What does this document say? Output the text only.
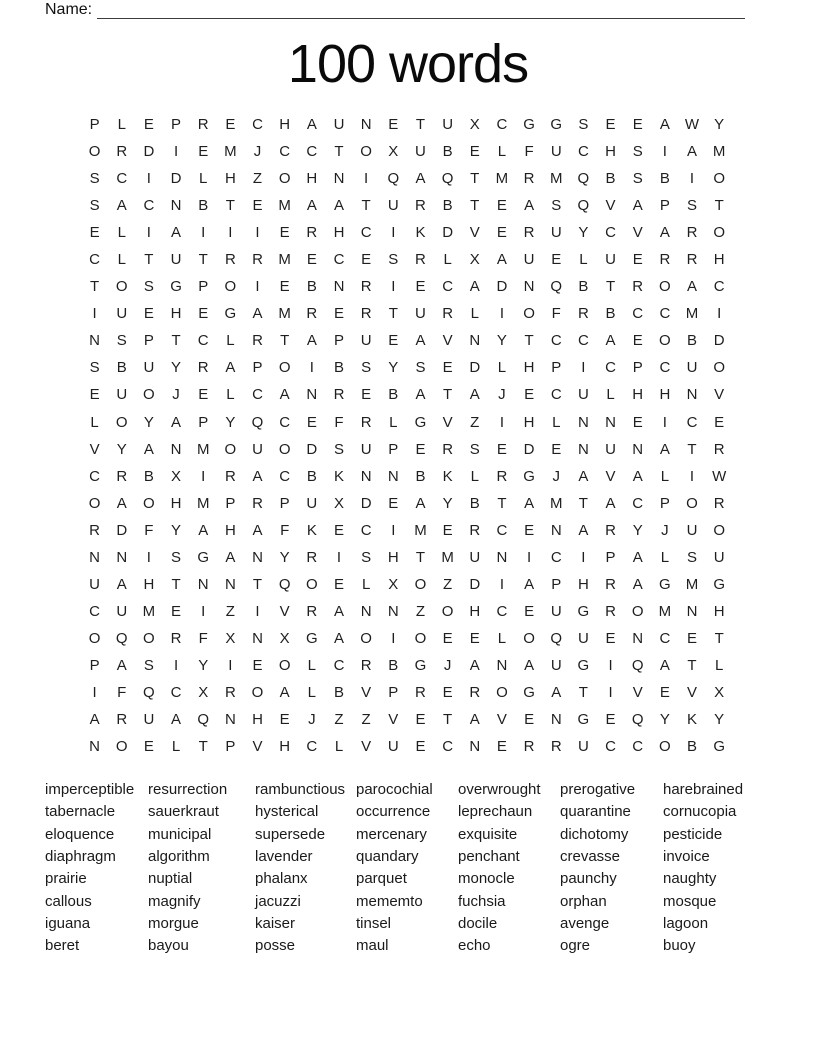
Name:
100 words
P	L	E	P	R	E	C	H	A	U	N	E	T	U	X	C	G	G	S	E	E	A	W	Y
O	R	D	I	E	M	J	C	C	T	O	X	U	B	E	L	F	U	C	H	S	I	A	M
S	C	I	D	L	H	Z	O	H	N	I	Q	A	Q	T	M	R	M	Q	B	S	B	I	O
S	A	C	N	B	T	E	M	A	A	T	U	R	B	T	E	A	S	Q	V	A	P	S	T
E	L	I	A	I	I	I	E	R	H	C	I	K	D	V	E	R	U	Y	C	V	A	R	O
C	L	T	U	T	R	R	M	E	C	E	S	R	L	X	A	U	E	L	U	E	R	R	H
T	O	S	G	P	O	I	E	B	N	R	I	E	C	A	D	N	Q	B	T	R	O	A	C
I	U	E	H	E	G	A	M	R	E	R	T	U	R	L	I	O	F	R	B	C	C	M	I
N	S	P	T	C	L	R	T	A	P	U	E	A	V	N	Y	T	C	C	A	E	O	B	D
S	B	U	Y	R	A	P	O	I	B	S	Y	S	E	D	L	H	P	I	C	P	C	U	O
E	U	O	J	E	L	C	A	N	R	E	B	A	T	A	J	E	C	U	L	H	H	N	V
L	O	Y	A	P	Y	Q	C	E	F	R	L	G	V	Z	I	H	L	N	N	E	I	C	E
V	Y	A	N	M	O	U	O	D	S	U	P	E	R	S	E	D	E	N	U	N	A	T	R
C	R	B	X	I	R	A	C	B	K	N	N	B	K	L	R	G	J	A	V	A	L	I	W
O	A	O	H	M	P	R	P	U	X	D	E	A	Y	B	T	A	M	T	A	C	P	O	R
R	D	F	Y	A	H	A	F	K	E	C	I	M	E	R	C	E	N	A	R	Y	J	U	O
N	N	I	S	G	A	N	Y	R	I	S	H	T	M	U	N	I	C	I	P	A	L	S	U
U	A	H	T	N	N	T	Q	O	E	L	X	O	Z	D	I	A	P	H	R	A	G	M	G
C	U	M	E	I	Z	I	V	R	A	N	N	Z	O	H	C	E	U	G	R	O	M	N	H
O	Q	O	R	F	X	N	X	G	A	O	I	O	E	E	L	O	Q	U	E	N	C	E	T
P	A	S	I	Y	I	E	O	L	C	R	B	G	J	A	N	A	U	G	I	Q	A	T	L
I	F	Q	C	X	R	O	A	L	B	V	P	R	E	R	O	G	A	T	I	V	E	V	X
A	R	U	A	Q	N	H	E	J	Z	Z	V	E	T	A	V	E	N	G	E	Q	Y	K	Y
N	O	E	L	T	P	V	H	C	L	V	U	E	C	N	E	R	R	U	C	C	O	B	G
imperceptible
tabernacle
eloquence
diaphragm
prairie
callous
iguana
beret
resurrection
sauerkraut
municipal
algorithm
nuptial
magnify
morgue
bayou
rambunctious
hysterical
supersede
lavender
phalanx
jacuzzi
kaiser
posse
parocochial
occurrence
mercenary
quandary
parquet
mememto
tinsel
maul
overwrought
leprechaun
exquisite
penchant
monocle
fuchsia
docile
echo
prerogative
quarantine
dichotomy
crevasse
paunchy
orphan
avenge
ogre
harebrained
cornucopia
pesticide
invoice
naughty
mosque
lagoon
buoy
